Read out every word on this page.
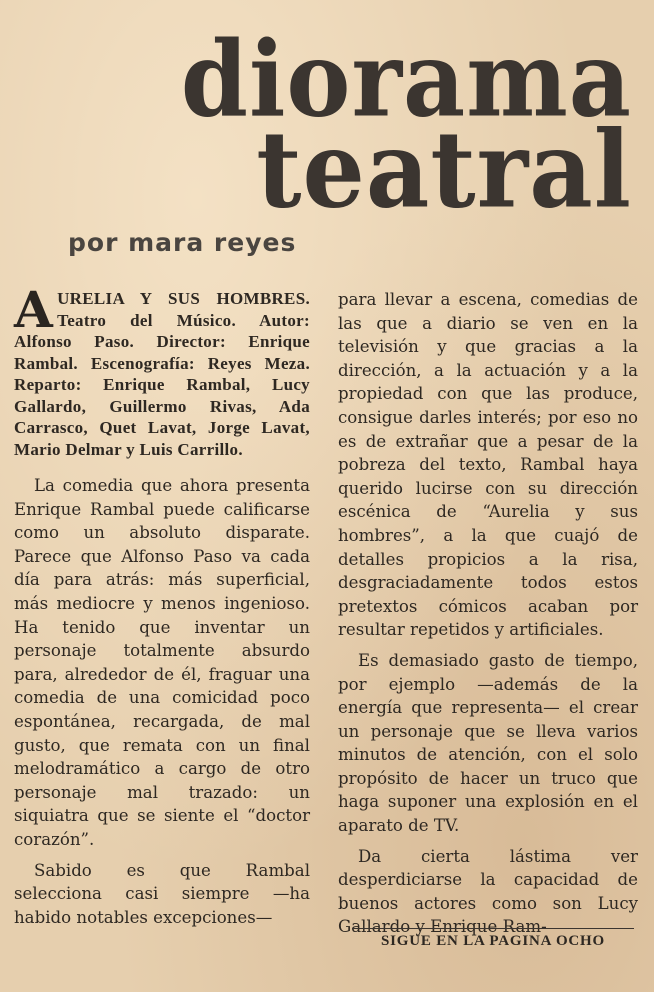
diorama
teatral

por mara reyes

AURELIA Y SUS HOMBRES. Teatro del Músico. Autor: Alfonso Paso. Director: Enrique Rambal. Escenografía: Reyes Meza. Reparto: Enrique Rambal, Lucy Gallardo, Guillermo Rivas, Ada Carrasco, Quet Lavat, Jorge Lavat, Mario Delmar y Luis Carrillo.

La comedia que ahora presenta Enrique Rambal puede calificarse como un absoluto disparate. Parece que Alfonso Paso va cada día para atrás: más superficial, más mediocre y menos ingenioso. Ha tenido que inventar un personaje totalmente absurdo para, alrededor de él, fraguar una comedia de una comicidad poco espontánea, recargada, de mal gusto, que remata con un final melodramático a cargo de otro personaje mal trazado: un siquiatra que se siente el “doctor corazón”.

Sabido es que Rambal selecciona casi siempre —ha habido notables excepciones—

para llevar a escena, comedias de las que a diario se ven en la televisión y que gracias a la dirección, a la actuación y a la propiedad con que las produce, consigue darles interés; por eso no es de extrañar que a pesar de la pobreza del texto, Rambal haya querido lucirse con su dirección escénica de “Aurelia y sus hombres”, a la que cuajó de detalles propicios a la risa, desgraciadamente todos estos pretextos cómicos acaban por resultar repetidos y artificiales.

Es demasiado gasto de tiempo, por ejemplo —además de la energía que representa— el crear un personaje que se lleva varios minutos de atención, con el solo propósito de hacer un truco que haga suponer una explosión en el aparato de TV.

Da cierta lástima ver desperdiciarse la capacidad de buenos actores como son Lucy Gallardo y Enrique Ram-

SIGUE EN LA PAGINA OCHO
